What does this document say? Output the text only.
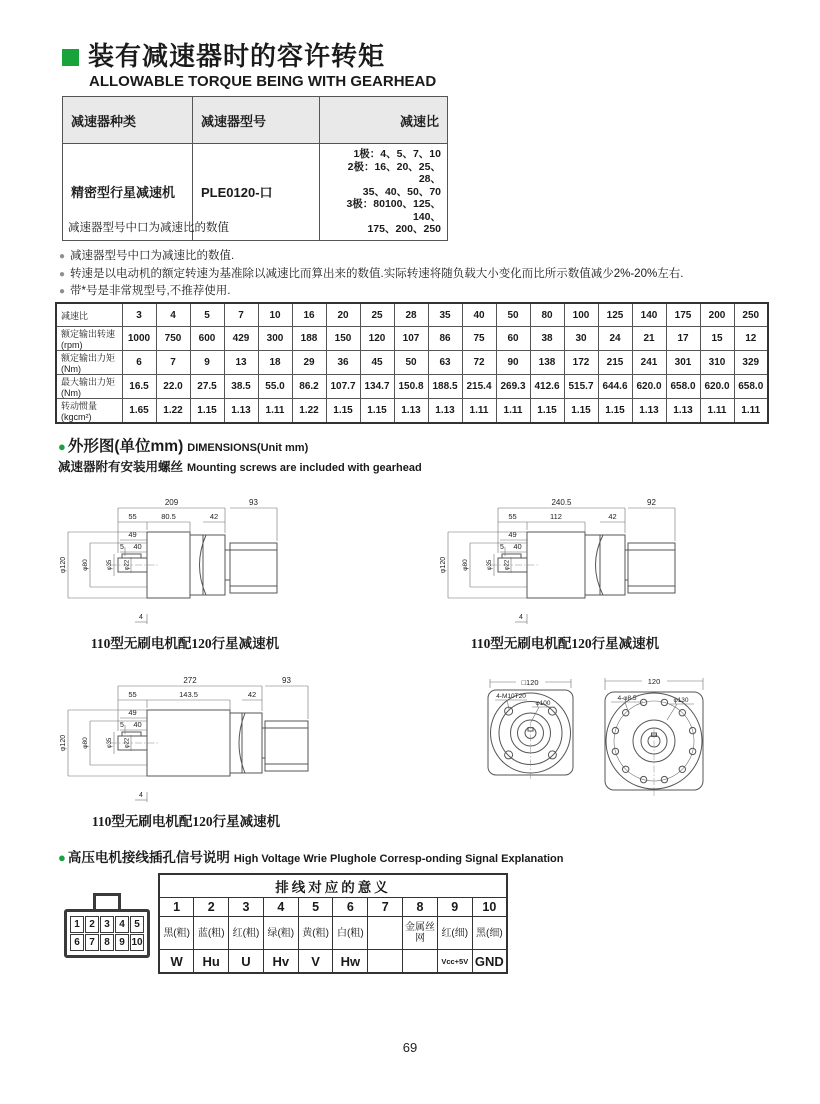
装有减速器时的容许转矩
ALLOWABLE TORQUE BEING WITH GEARHEAD
减速器种类	减速器型号	减速比
精密型行星减速机	PLE0120-口	1极：4、5、7、10
2极：16、20、25、28、
35、40、50、70
3极：80100、125、140、
175、200、250
减速器型号中口为减速比的数值
● 减速器型号中口为减速比的数值.
● 转速是以电动机的额定转速为基准除以减速比而算出来的数值.实际转速将随负载大小变化而比所示数值减少2%-20%左右.
● 带*号是非常规型号,不推荐使用.
减速比	3	4	5	7	10	16	20	25	28	35	40	50	80	100	125	140	175	200	250
额定输出转速(rpm)	1000	750	600	429	300	188	150	120	107	86	75	60	38	30	24	21	17	15	12
额定输出力矩(Nm)	6	7	9	13	18	29	36	45	50	63	72	90	138	172	215	241	301	310	329
最大输出力矩(Nm)	16.5	22.0	27.5	38.5	55.0	86.2	107.7	134.7	150.8	188.5	215.4	269.3	412.6	515.7	644.6	620.0	658.0	620.0	658.0
转动惯量(kgcm²)	1.65	1.22	1.15	1.13	1.11	1.22	1.15	1.15	1.13	1.13	1.11	1.11	1.15	1.15	1.15	1.13	1.13	1.11	1.11
● 外形图(单位mm) DIMENSIONS(Unit mm)
减速器附有安装用螺丝 Mounting screws are included with gearhead
209	93
55	80.5	42
49
5 40
φ120 φ80	φ35 φ22
4
110型无刷电机配120行星减速机
240.5	92
55	112	42
49
5 40
φ120 φ80	φ35 φ22
4
110型无刷电机配120行星减速机
272	93
55	143.5	42
49
5 40
φ120 φ80	φ35 φ22
4
110型无刷电机配120行星减速机
□120
4-M10T20
φ100
120
4-φ8.5	φ130
● 高压电机接线插孔信号说明 High Voltage Wrie Plughole Corresp-onding Signal Explanation
1 2 3 4 5
6 7 8 9 10
排线对应的意义									
1	2	3	4	5	6	7	8	9	10
黑(粗)	蓝(粗)	红(粗)	绿(粗)	黄(粗)	白(粗)		金属丝网	红(细)	黑(细)
W	Hu	U	Hv	V	Hw			Vcc+5V	GND
69
